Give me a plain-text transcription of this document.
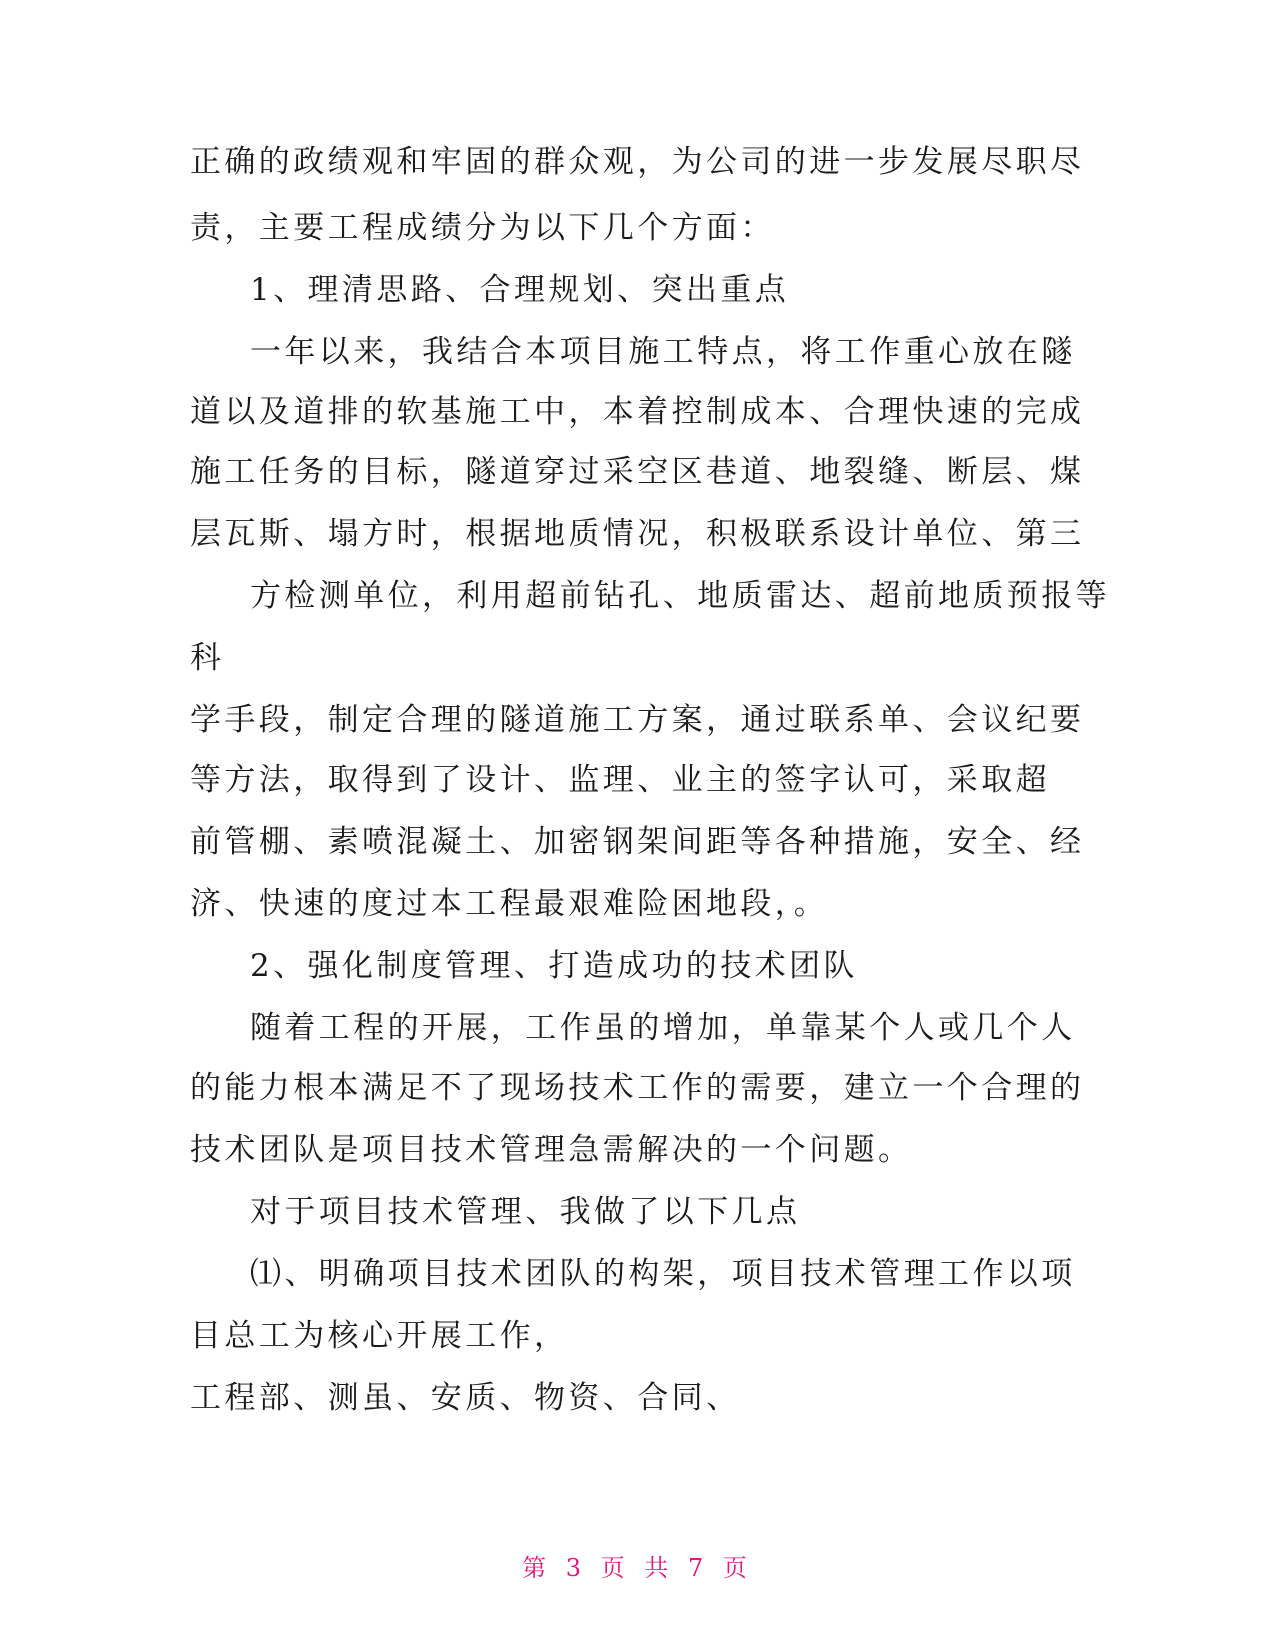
正确的政绩观和牢固的群众观，为公司的进一步发展尽职尽
责，主要工程成绩分为以下几个方面：
1、理清思路、合理规划、突出重点
一年以来，我结合本项目施工特点，将工作重心放在隧
道以及道排的软基施工中，本着控制成本、合理快速的完成
施工任务的目标，隧道穿过采空区巷道、地裂缝、断层、煤
层瓦斯、塌方时，根据地质情况，积极联系设计单位、第三
方检测单位，利用超前钻孔、地质雷达、超前地质预报等
科
学手段，制定合理的隧道施工方案，通过联系单、会议纪要
等方法，取得到了设计、监理、业主的签字认可，采取超
前管棚、素喷混凝土、加密钢架间距等各种措施，安全、经
济、快速的度过本工程最艰难险困地段，。
2、强化制度管理、打造成功的技术团队
随着工程的开展，工作虽的增加，单靠某个人或几个人
的能力根本满足不了现场技术工作的需要，建立一个合理的
技术团队是项目技术管理急需解决的一个问题。
对于项目技术管理、我做了以下几点
⑴、明确项目技术团队的构架，项目技术管理工作以项
目总工为核心开展工作，
工程部、测虽、安质、物资、合同、
第 3 页 共 7 页
